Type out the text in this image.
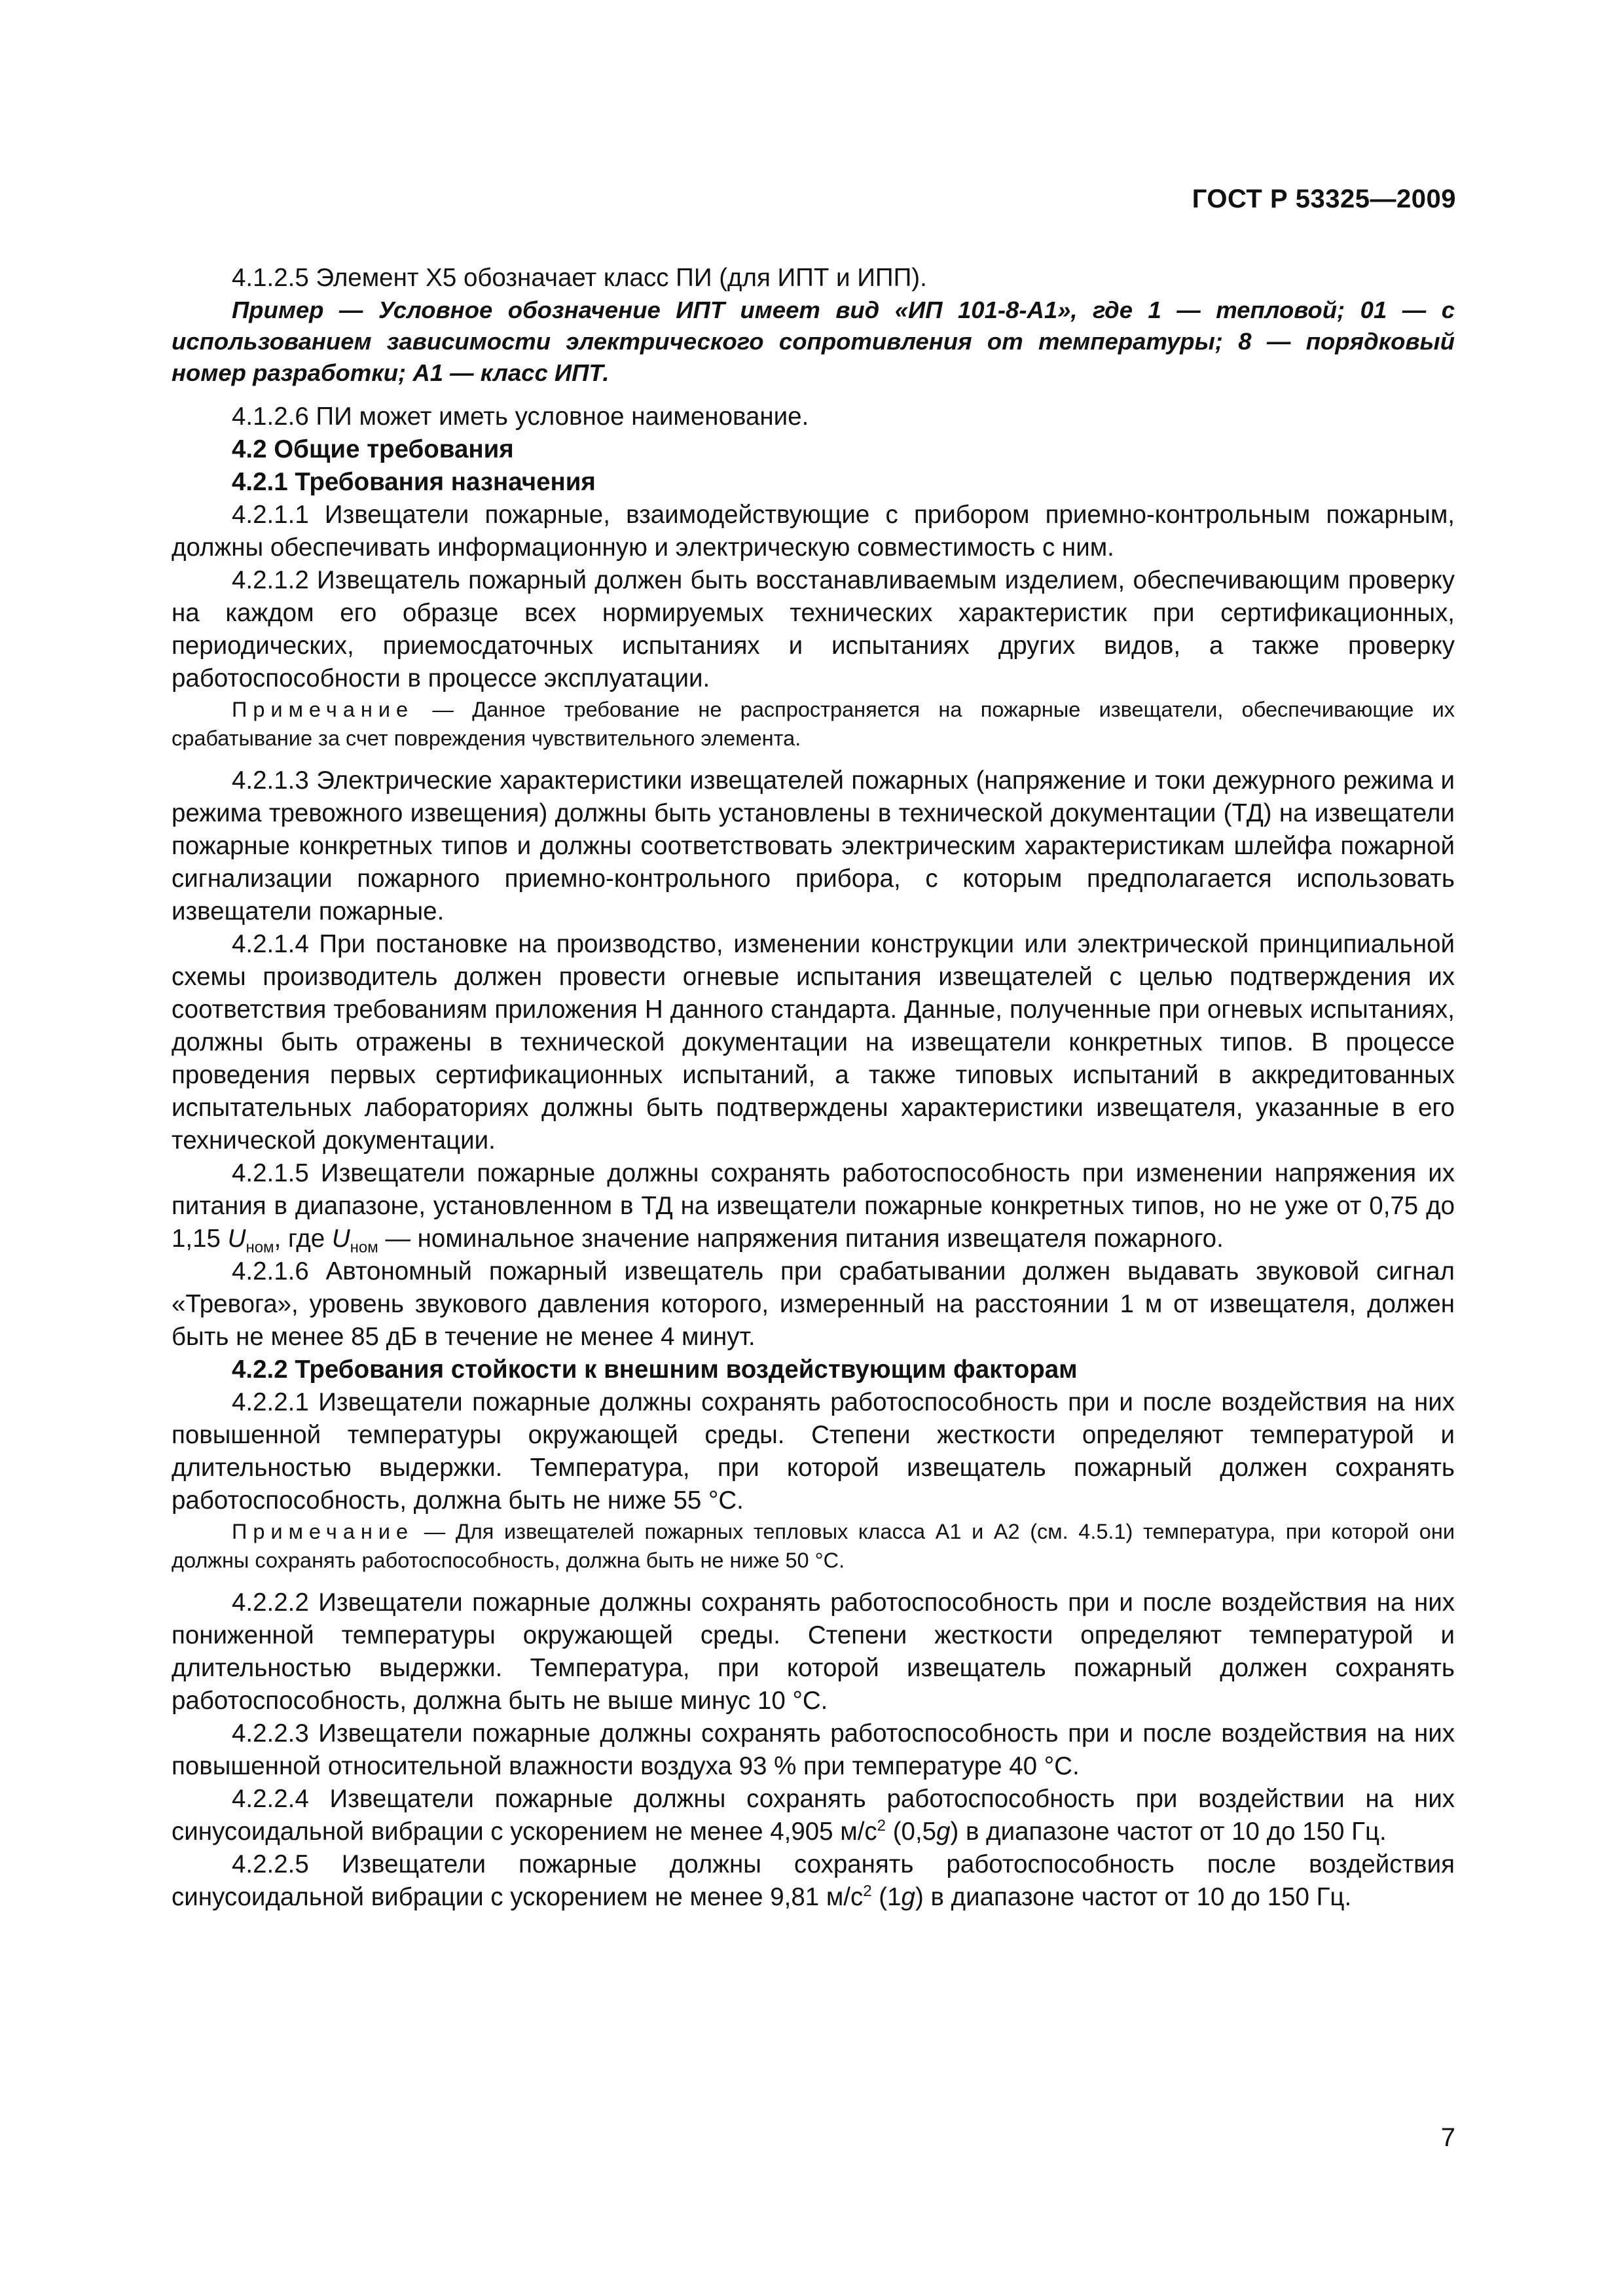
ГОСТ Р 53325—2009

4.1.2.5 Элемент Х5 обозначает класс ПИ (для ИПТ и ИПП).

Пример — Условное обозначение ИПТ имеет вид «ИП 101-8-А1», где 1 — тепловой; 01 — с использованием зависимости электрического сопротивления от температуры; 8 — порядковый номер разработки; А1 — класс ИПТ.

4.1.2.6 ПИ может иметь условное наименование.

4.2 Общие требования

4.2.1 Требования назначения

4.2.1.1 Извещатели пожарные, взаимодействующие с прибором приемно-контрольным пожарным, должны обеспечивать информационную и электрическую совместимость с ним.

4.2.1.2 Извещатель пожарный должен быть восстанавливаемым изделием, обеспечивающим проверку на каждом его образце всех нормируемых технических характеристик при сертификационных, периодических, приемосдаточных испытаниях и испытаниях других видов, а также проверку работоспособности в процессе эксплуатации.

Примечание — Данное требование не распространяется на пожарные извещатели, обеспечивающие их срабатывание за счет повреждения чувствительного элемента.

4.2.1.3 Электрические характеристики извещателей пожарных (напряжение и токи дежурного режима и режима тревожного извещения) должны быть установлены в технической документации (ТД) на извещатели пожарные конкретных типов и должны соответствовать электрическим характеристикам шлейфа пожарной сигнализации пожарного приемно-контрольного прибора, с которым предполагается использовать извещатели пожарные.

4.2.1.4 При постановке на производство, изменении конструкции или электрической принципиальной схемы производитель должен провести огневые испытания извещателей с целью подтверждения их соответствия требованиям приложения Н данного стандарта. Данные, полученные при огневых испытаниях, должны быть отражены в технической документации на извещатели конкретных типов. В процессе проведения первых сертификационных испытаний, а также типовых испытаний в аккредитованных испытательных лабораториях должны быть подтверждены характеристики извещателя, указанные в его технической документации.

4.2.1.5 Извещатели пожарные должны сохранять работоспособность при изменении напряжения их питания в диапазоне, установленном в ТД на извещатели пожарные конкретных типов, но не уже от 0,75 до 1,15 $U_{ном}$, где $U_{ном}$ — номинальное значение напряжения питания извещателя пожарного.

4.2.1.6 Автономный пожарный извещатель при срабатывании должен выдавать звуковой сигнал «Тревога», уровень звукового давления которого, измеренный на расстоянии 1 м от извещателя, должен быть не менее 85 дБ в течение не менее 4 минут.

4.2.2 Требования стойкости к внешним воздействующим факторам

4.2.2.1 Извещатели пожарные должны сохранять работоспособность при и после воздействия на них повышенной температуры окружающей среды. Степени жесткости определяют температурой и длительностью выдержки. Температура, при которой извещатель пожарный должен сохранять работоспособность, должна быть не ниже 55 °С.

Примечание — Для извещателей пожарных тепловых класса А1 и А2 (см. 4.5.1) температура, при которой они должны сохранять работоспособность, должна быть не ниже 50 °С.

4.2.2.2 Извещатели пожарные должны сохранять работоспособность при и после воздействия на них пониженной температуры окружающей среды. Степени жесткости определяют температурой и длительностью выдержки. Температура, при которой извещатель пожарный должен сохранять работоспособность, должна быть не выше минус 10 °С.

4.2.2.3 Извещатели пожарные должны сохранять работоспособность при и после воздействия на них повышенной относительной влажности воздуха 93 % при температуре 40 °С.

4.2.2.4 Извещатели пожарные должны сохранять работоспособность при воздействии на них синусоидальной вибрации с ускорением не менее 4,905 $м/с^2$ (0,5g) в диапазоне частот от 10 до 150 Гц.

4.2.2.5 Извещатели пожарные должны сохранять работоспособность после воздействия синусоидальной вибрации с ускорением не менее 9,81 $м/с^2$ (1g) в диапазоне частот от 10 до 150 Гц.

7
